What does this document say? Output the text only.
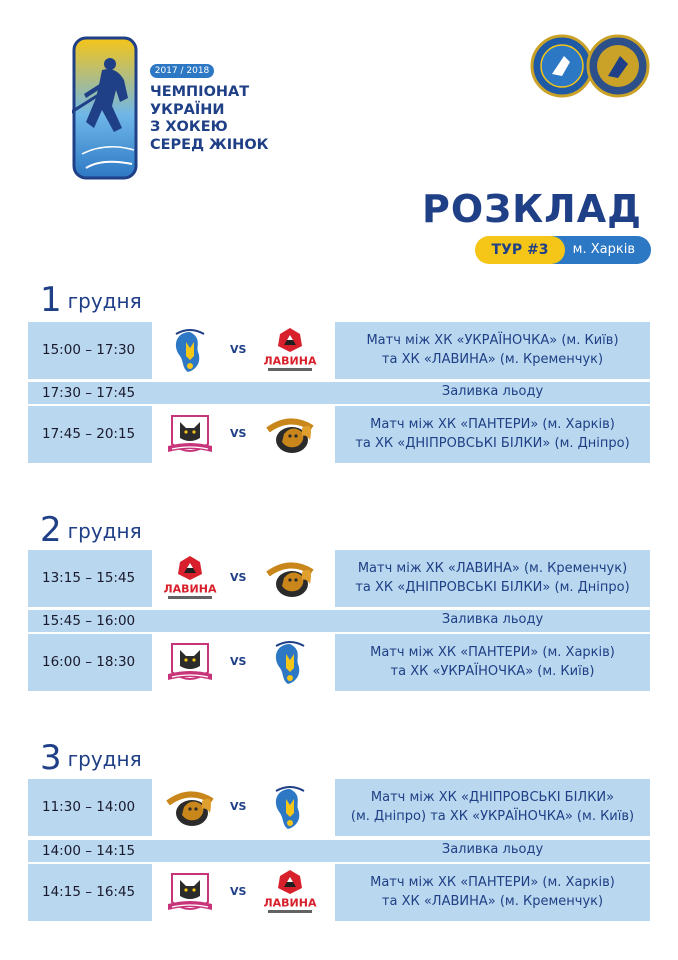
2017 / 2018
ЧЕМПІОНАТ
УКРАЇНИ
З ХОКЕЮ
СЕРЕД ЖІНОК
РОЗКЛАД
м. Харків
ТУР #3
1 грудня
15:00 – 17:30	VS
ЛАВИНА
Матч між ХК «УКРАЇНОЧКА» (м. Київ)
та ХК «ЛАВИНА» (м. Кременчук)
17:30 – 17:45	Заливка льоду
17:45 – 20:15	VS
Матч між ХК «ПАНТЕРИ» (м. Харків)
та ХК «ДНІПРОВСЬКІ БІЛКИ» (м. Дніпро)
2 грудня
13:15 – 15:45
ЛАВИНА
VS
Матч між ХК «ЛАВИНА» (м. Кременчук)
та ХК «ДНІПРОВСЬКІ БІЛКИ» (м. Дніпро)
15:45 – 16:00	Заливка льоду
16:00 – 18:30	VS
Матч між ХК «ПАНТЕРИ» (м. Харків)
та ХК «УКРАЇНОЧКА» (м. Київ)
3 грудня
11:30 – 14:00	VS
Матч між ХК «ДНІПРОВСЬКІ БІЛКИ»
(м. Дніпро) та ХК «УКРАЇНОЧКА» (м. Київ)
14:00 – 14:15	Заливка льоду
14:15 – 16:45	VS
ЛАВИНА
Матч між ХК «ПАНТЕРИ» (м. Харків)
та ХК «ЛАВИНА» (м. Кременчук)
